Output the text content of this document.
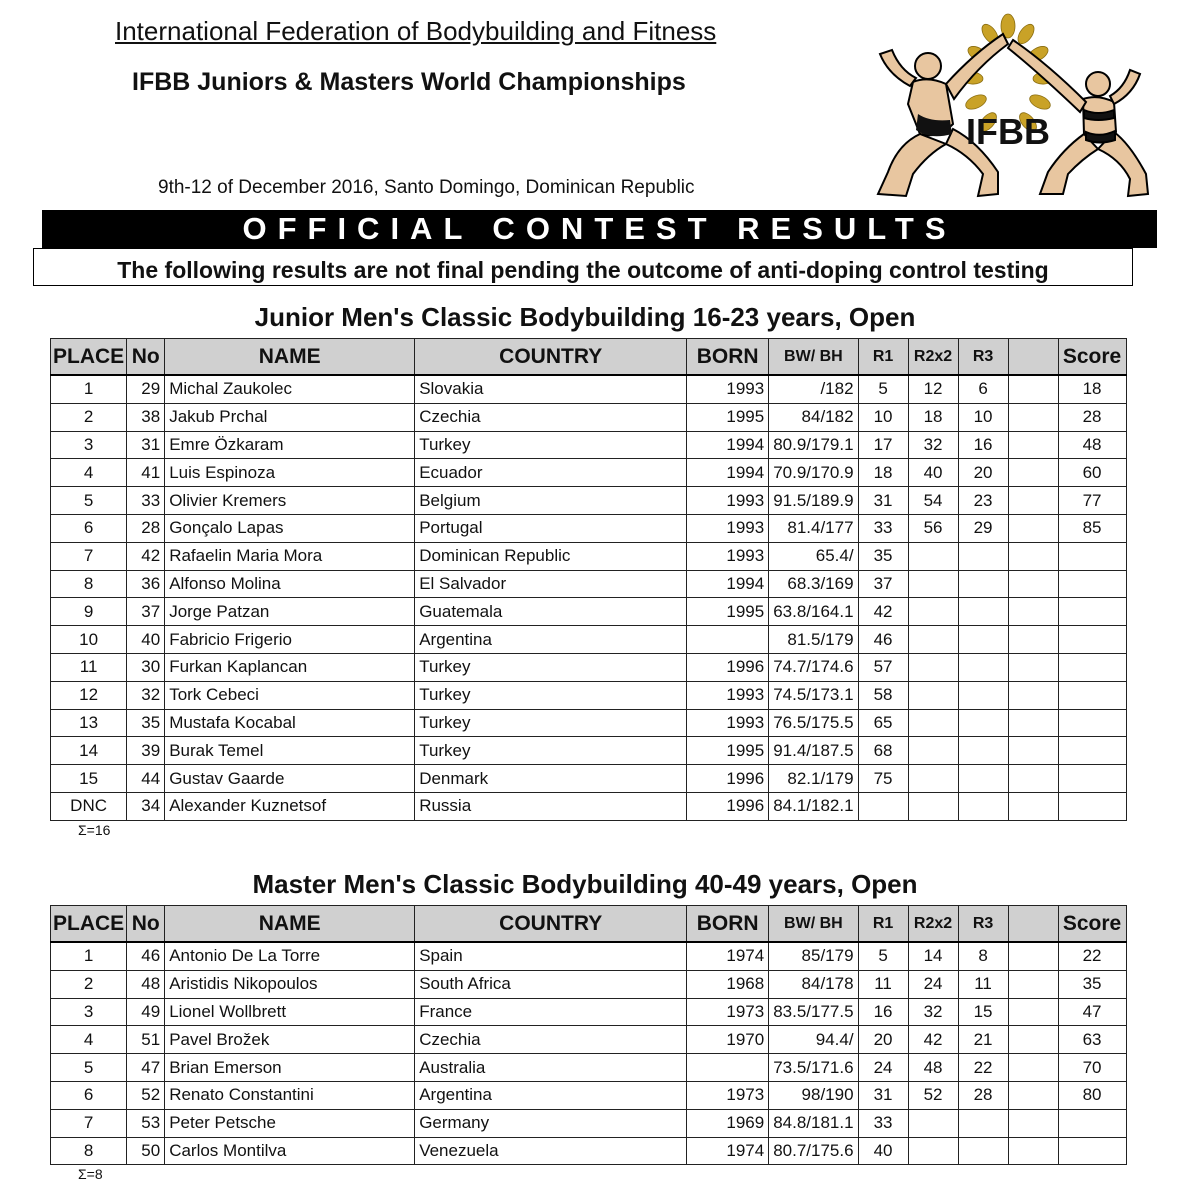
International Federation of Bodybuilding and Fitness
IFBB Juniors & Masters World Championships
9th-12 of December 2016, Santo Domingo, Dominican Republic
IFBB
OFFICIAL CONTEST RESULTS
The following results are not final pending the outcome of anti-doping control testing
Junior Men's Classic Bodybuilding 16-23 years, Open
PLACE	No	NAME	COUNTRY	BORN	BW/ BH	R1	R2x2	R3		Score
1	29	Michal Zaukolec	Slovakia	1993	/182	5	12	6		18
2	38	Jakub Prchal	Czechia	1995	84/182	10	18	10		28
3	31	Emre Özkaram	Turkey	1994	80.9/179.1	17	32	16		48
4	41	Luis Espinoza	Ecuador	1994	70.9/170.9	18	40	20		60
5	33	Olivier Kremers	Belgium	1993	91.5/189.9	31	54	23		77
6	28	Gonçalo Lapas	Portugal	1993	81.4/177	33	56	29		85
7	42	Rafaelin Maria Mora	Dominican Republic	1993	65.4/	35				
8	36	Alfonso Molina	El Salvador	1994	68.3/169	37				
9	37	Jorge Patzan	Guatemala	1995	63.8/164.1	42				
10	40	Fabricio Frigerio	Argentina		81.5/179	46				
11	30	Furkan Kaplancan	Turkey	1996	74.7/174.6	57				
12	32	Tork Cebeci	Turkey	1993	74.5/173.1	58				
13	35	Mustafa Kocabal	Turkey	1993	76.5/175.5	65				
14	39	Burak Temel	Turkey	1995	91.4/187.5	68				
15	44	Gustav Gaarde	Denmark	1996	82.1/179	75				
DNC	34	Alexander Kuznetsof	Russia	1996	84.1/182.1					
Σ=16
Master Men's Classic Bodybuilding 40-49 years, Open
PLACE	No	NAME	COUNTRY	BORN	BW/ BH	R1	R2x2	R3		Score
1	46	Antonio De La Torre	Spain	1974	85/179	5	14	8		22
2	48	Aristidis Nikopoulos	South Africa	1968	84/178	11	24	11		35
3	49	Lionel Wollbrett	France	1973	83.5/177.5	16	32	15		47
4	51	Pavel Brožek	Czechia	1970	94.4/	20	42	21		63
5	47	Brian Emerson	Australia		73.5/171.6	24	48	22		70
6	52	Renato Constantini	Argentina	1973	98/190	31	52	28		80
7	53	Peter Petsche	Germany	1969	84.8/181.1	33				
8	50	Carlos Montilva	Venezuela	1974	80.7/175.6	40				
Σ=8
